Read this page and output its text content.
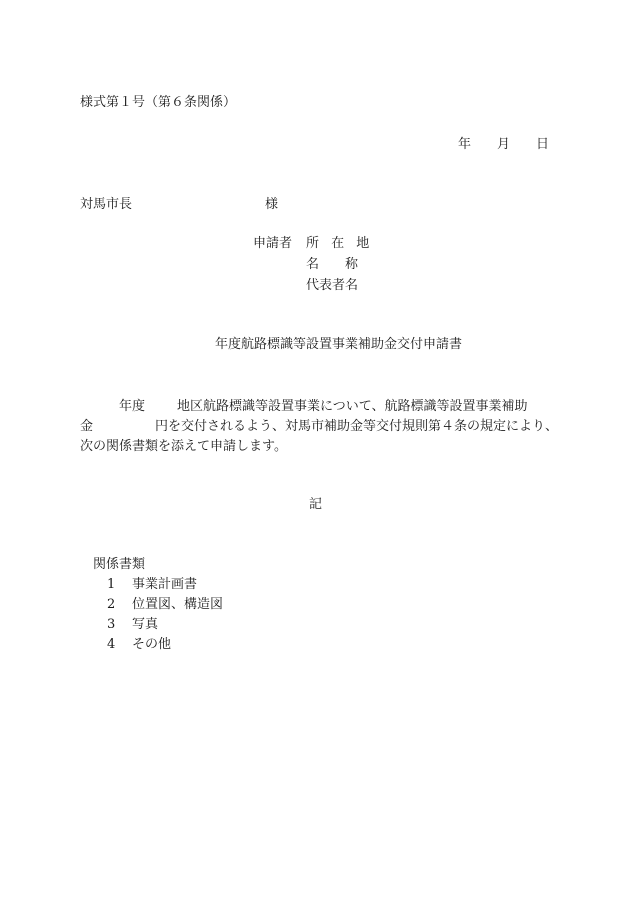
様式第１号（第６条関係）
年 月 日
対馬市長	様
申請者 所 在 地
名 称
代表者名
年度航路標識等設置事業補助金交付申請書
年度 地区航路標識等設置事業について、航路標識等設置事業補助
金	円を交付されるよう、対馬市補助金等交付規則第４条の規定により、
次の関係書類を添えて申請します。
記
関係書類
1 事業計画書
2 位置図、構造図
3 写真
4 その他
